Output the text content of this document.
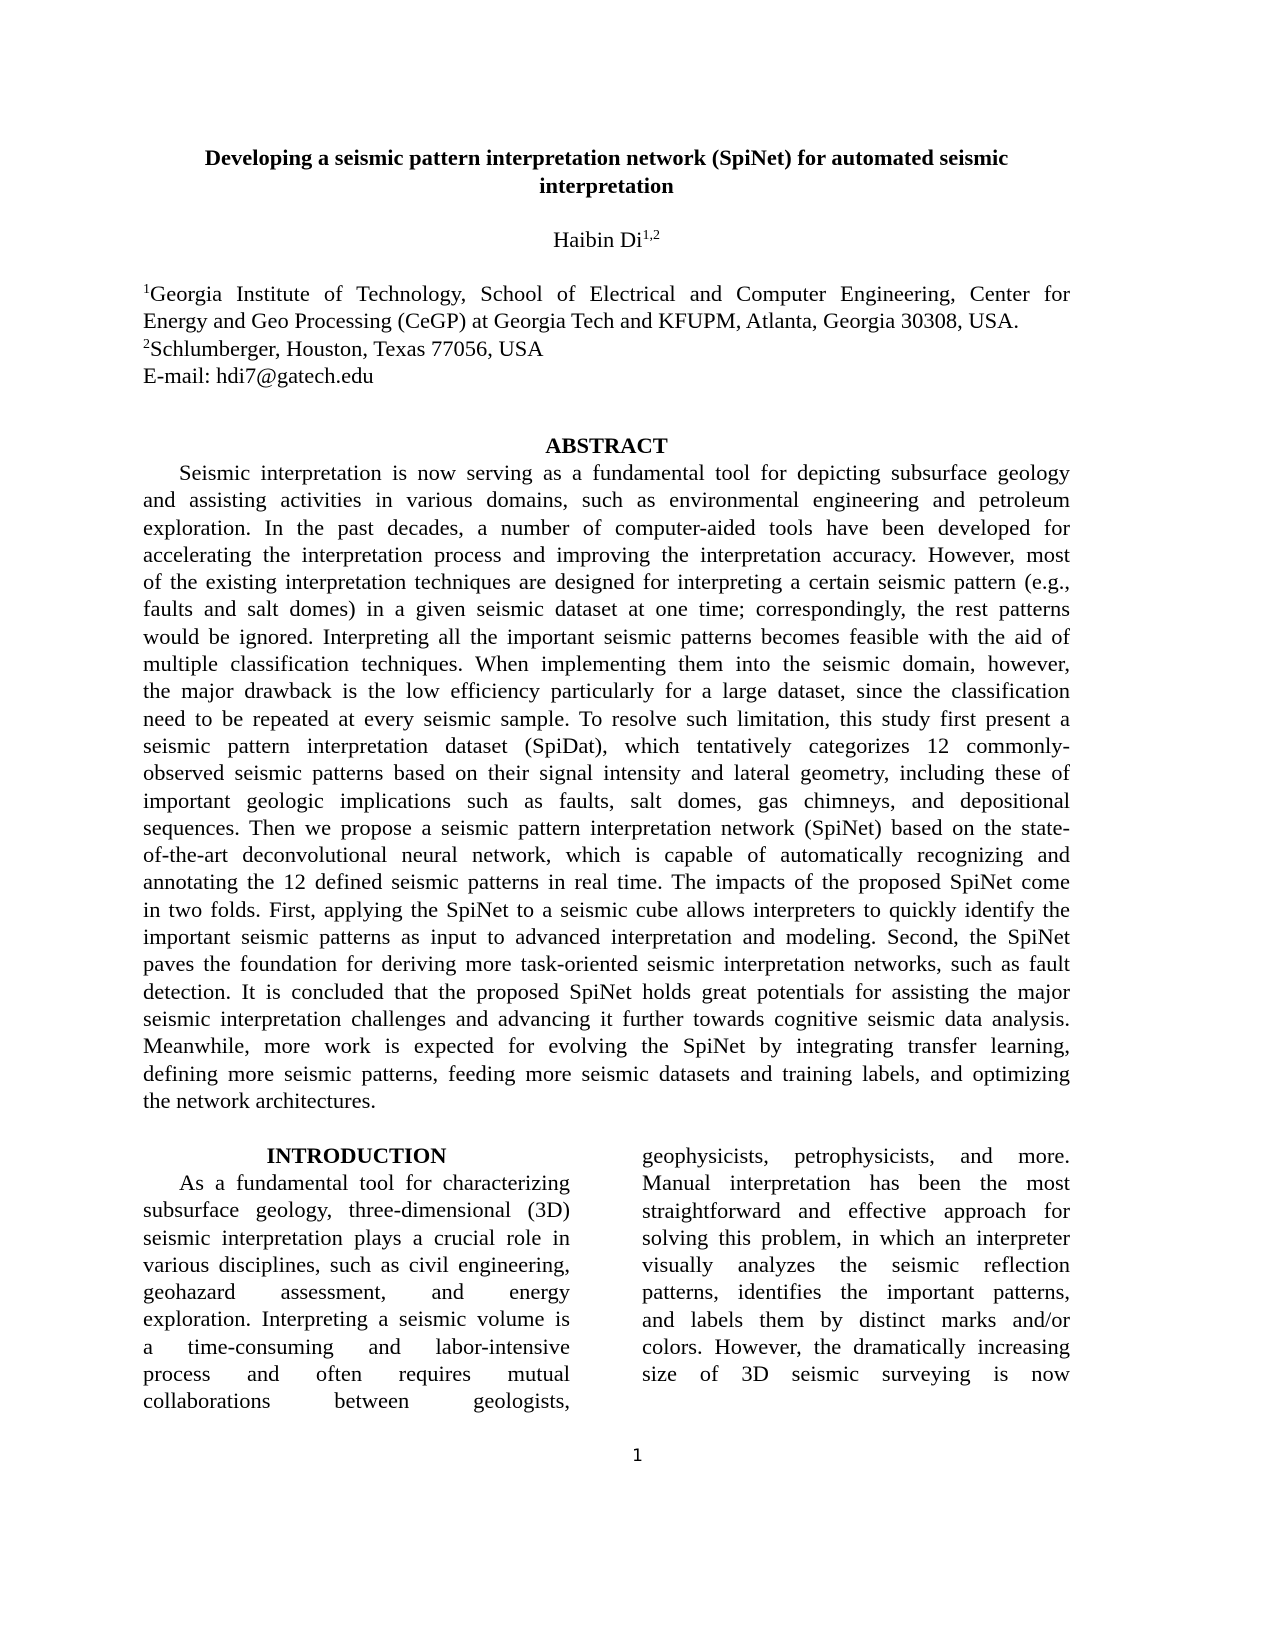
Developing a seismic pattern interpretation network (SpiNet) for automated seismic
interpretation
Haibin Di$^{1,2}$
$^1$Georgia Institute of Technology, School of Electrical and Computer Engineering, Center for
Energy and Geo Processing (CeGP) at Georgia Tech and KFUPM, Atlanta, Georgia 30308, USA.
$^2$Schlumberger, Houston, Texas 77056, USA
E-mail: hdi7@gatech.edu
ABSTRACT
Seismic interpretation is now serving as a fundamental tool for depicting subsurface geology
and assisting activities in various domains, such as environmental engineering and petroleum
exploration. In the past decades, a number of computer-aided tools have been developed for
accelerating the interpretation process and improving the interpretation accuracy. However, most
of the existing interpretation techniques are designed for interpreting a certain seismic pattern (e.g.,
faults and salt domes) in a given seismic dataset at one time; correspondingly, the rest patterns
would be ignored. Interpreting all the important seismic patterns becomes feasible with the aid of
multiple classification techniques. When implementing them into the seismic domain, however,
the major drawback is the low efficiency particularly for a large dataset, since the classification
need to be repeated at every seismic sample. To resolve such limitation, this study first present a
seismic pattern interpretation dataset (SpiDat), which tentatively categorizes 12 commonly-
observed seismic patterns based on their signal intensity and lateral geometry, including these of
important geologic implications such as faults, salt domes, gas chimneys, and depositional
sequences. Then we propose a seismic pattern interpretation network (SpiNet) based on the state-
of-the-art deconvolutional neural network, which is capable of automatically recognizing and
annotating the 12 defined seismic patterns in real time. The impacts of the proposed SpiNet come
in two folds. First, applying the SpiNet to a seismic cube allows interpreters to quickly identify the
important seismic patterns as input to advanced interpretation and modeling. Second, the SpiNet
paves the foundation for deriving more task-oriented seismic interpretation networks, such as fault
detection. It is concluded that the proposed SpiNet holds great potentials for assisting the major
seismic interpretation challenges and advancing it further towards cognitive seismic data analysis.
Meanwhile, more work is expected for evolving the SpiNet by integrating transfer learning,
defining more seismic patterns, feeding more seismic datasets and training labels, and optimizing
the network architectures.
INTRODUCTION
As a fundamental tool for characterizing
subsurface geology, three-dimensional (3D)
seismic interpretation plays a crucial role in
various disciplines, such as civil engineering,
geohazard assessment, and energy
exploration. Interpreting a seismic volume is
a time-consuming and labor-intensive
process and often requires mutual
collaborations between geologists,
geophysicists, petrophysicists, and more.
Manual interpretation has been the most
straightforward and effective approach for
solving this problem, in which an interpreter
visually analyzes the seismic reflection
patterns, identifies the important patterns,
and labels them by distinct marks and/or
colors. However, the dramatically increasing
size of 3D seismic surveying is now
1
